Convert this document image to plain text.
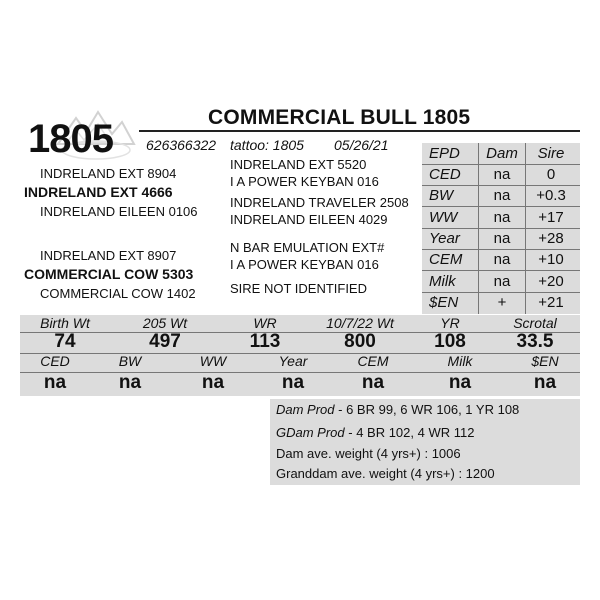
COMMERCIAL BULL 1805
1805 626366322 tattoo: 1805 05/26/21
INDRELAND EXT 8904
INDRELAND EXT 4666
INDRELAND EILEEN 0106
INDRELAND EXT 8907
COMMERCIAL COW 5303
COMMERCIAL COW 1402
INDRELAND EXT 5520
I A POWER KEYBAN 016
INDRELAND TRAVELER 2508
INDRELAND EILEEN 4029
N BAR EMULATION EXT#
I A POWER KEYBAN 016
SIRE NOT IDENTIFIED
EPD	Dam	Sire
CED	na	0
BW	na	+0.3
WW	na	+17
Year	na	+28
CEM	na	+10
Milk	na	+20
$EN	+	+21
Birth Wt	205 Wt	WR	10/7/22 Wt	YR	Scrotal
74	497	113	800	108	33.5
CED	BW	WW	Year	CEM	Milk	$EN
na	na	na	na	na	na	na
Dam Prod - 6 BR 99, 6 WR 106, 1 YR 108
GDam Prod - 4 BR 102, 4 WR 112
Dam ave. weight (4 yrs+) : 1006
Granddam ave. weight (4 yrs+) : 1200
